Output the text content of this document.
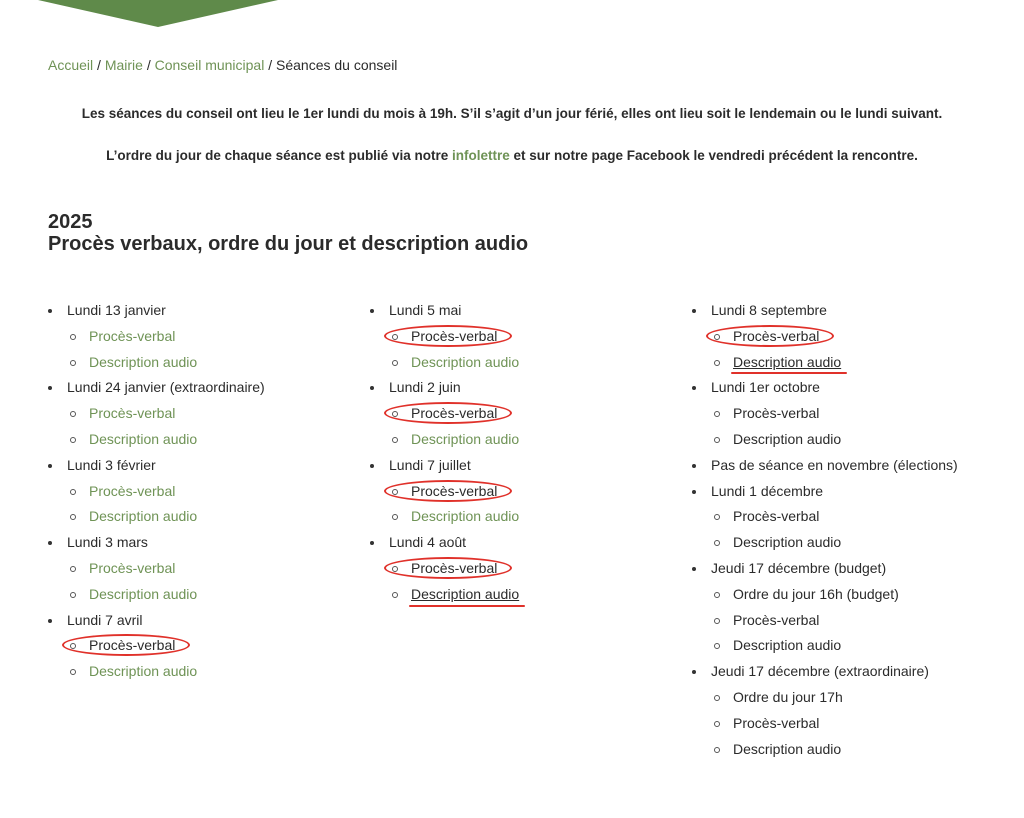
Accueil / Mairie / Conseil municipal / Séances du conseil

Les séances du conseil ont lieu le 1er lundi du mois à 19h. S’il s’agit d’un jour férié, elles ont lieu soit le lendemain ou le lundi suivant.

L’ordre du jour de chaque séance est publié via notre infolettre et sur notre page Facebook le vendredi précédent la rencontre.

2025
Procès verbaux, ordre du jour et description audio
Lundi 13 janvier
Procès-verbal
Description audio
Lundi 24 janvier (extraordinaire)
Procès-verbal
Description audio
Lundi 3 février
Procès-verbal
Description audio
Lundi 3 mars
Procès-verbal
Description audio
Lundi 7 avril
Procès-verbal
Description audio
Lundi 5 mai
Procès-verbal
Description audio
Lundi 2 juin
Procès-verbal
Description audio
Lundi 7 juillet
Procès-verbal
Description audio
Lundi 4 août
Procès-verbal
Description audio
Lundi 8 septembre
Procès-verbal
Description audio
Lundi 1er octobre
Procès-verbal
Description audio
Pas de séance en novembre (élections)
Lundi 1 décembre
Procès-verbal
Description audio
Jeudi 17 décembre (budget)
Ordre du jour 16h (budget)
Procès-verbal
Description audio
Jeudi 17 décembre (extraordinaire)
Ordre du jour 17h
Procès-verbal
Description audio
